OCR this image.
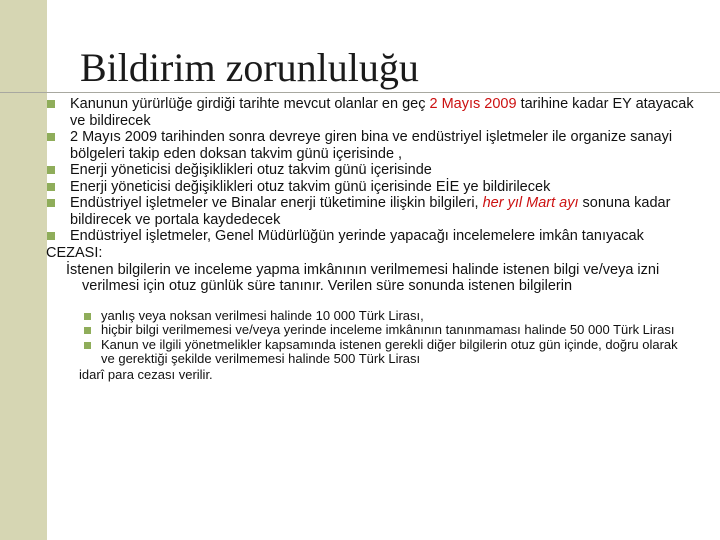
Bildirim zorunluluğu
Kanunun yürürlüğe girdiği tarihte mevcut olanlar en geç 2 Mayıs 2009 tarihine kadar EY atayacak ve bildirecek
2 Mayıs 2009 tarihinden sonra devreye giren bina ve endüstriyel işletmeler ile organize sanayi bölgeleri takip eden doksan takvim günü içerisinde ,
Enerji yöneticisi değişiklikleri otuz takvim günü içerisinde
Enerji yöneticisi değişiklikleri otuz takvim günü içerisinde EİE ye bildirilecek
Endüstriyel işletmeler ve Binalar enerji tüketimine ilişkin bilgileri, her yıl Mart ayı sonuna kadar bildirecek ve portala kaydedecek
Endüstriyel işletmeler, Genel Müdürlüğün yerinde yapacağı incelemelere imkân tanıyacak
CEZASI:
İstenen bilgilerin ve inceleme yapma imkânının verilmemesi halinde istenen bilgi ve/veya izni verilmesi için otuz günlük süre tanınır. Verilen süre sonunda istenen bilgilerin
yanlış veya noksan verilmesi halinde 10 000 Türk Lirası,
hiçbir bilgi verilmemesi ve/veya yerinde inceleme imkânının tanınmaması halinde 50 000 Türk Lirası
Kanun ve ilgili yönetmelikler kapsamında istenen gerekli diğer bilgilerin otuz gün içinde, doğru olarak ve gerektiği şekilde verilmemesi halinde 500 Türk Lirası
idarî para cezası verilir.
